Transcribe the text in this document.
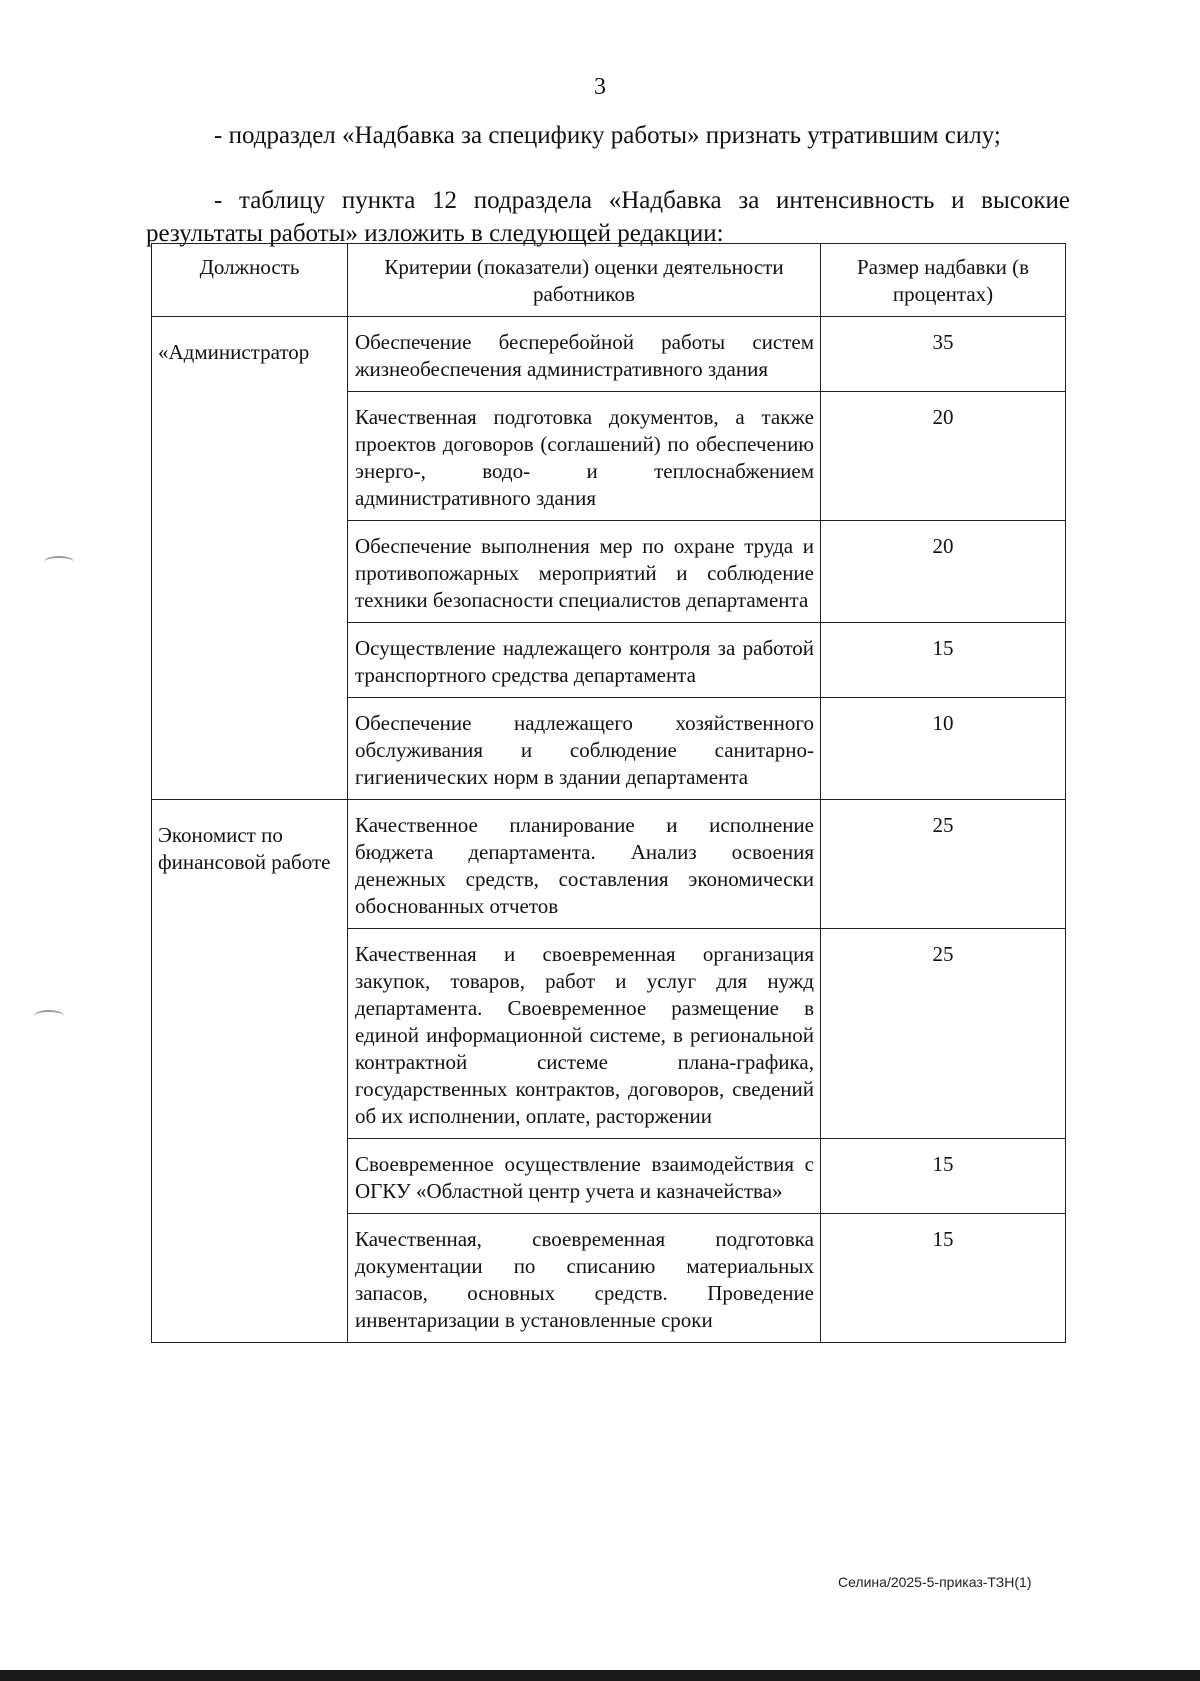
3
- подраздел «Надбавка за специфику работы» признать утратившим силу;
- таблицу пункта 12 подраздела «Надбавка за интенсивность и высокие результаты работы» изложить в следующей редакции:
Должность	Критерии (показатели) оценки деятельности работников	Размер надбавки (в процентах)
«Администратор	Обеспечение бесперебойной работы систем жизнеобеспечения административного здания	35
	Качественная подготовка документов, а также проектов договоров (соглашений) по обеспечению энерго-, водо- и теплоснабжением административного здания	20
	Обеспечение выполнения мер по охране труда и противопожарных мероприятий и соблюдение техники безопасности специалистов департамента	20
	Осуществление надлежащего контроля за работой транспортного средства департамента	15
	Обеспечение надлежащего хозяйственного обслуживания и соблюдение санитарно-гигиенических норм в здании департамента	10
Экономист по финансовой работе	Качественное планирование и исполнение бюджета департамента. Анализ освоения денежных средств, составления экономически обоснованных отчетов	25
	Качественная и своевременная организация закупок, товаров, работ и услуг для нужд департамента. Своевременное размещение в единой информационной системе, в региональной контрактной системе плана-графика, государственных контрактов, договоров, сведений об их исполнении, оплате, расторжении	25
	Своевременное осуществление взаимодействия с ОГКУ «Областной центр учета и казначейства»	15
	Качественная, своевременная подготовка документации по списанию материальных запасов, основных средств. Проведение инвентаризации в установленные сроки	15
Селина/2025-5-приказ-ТЗН(1)
